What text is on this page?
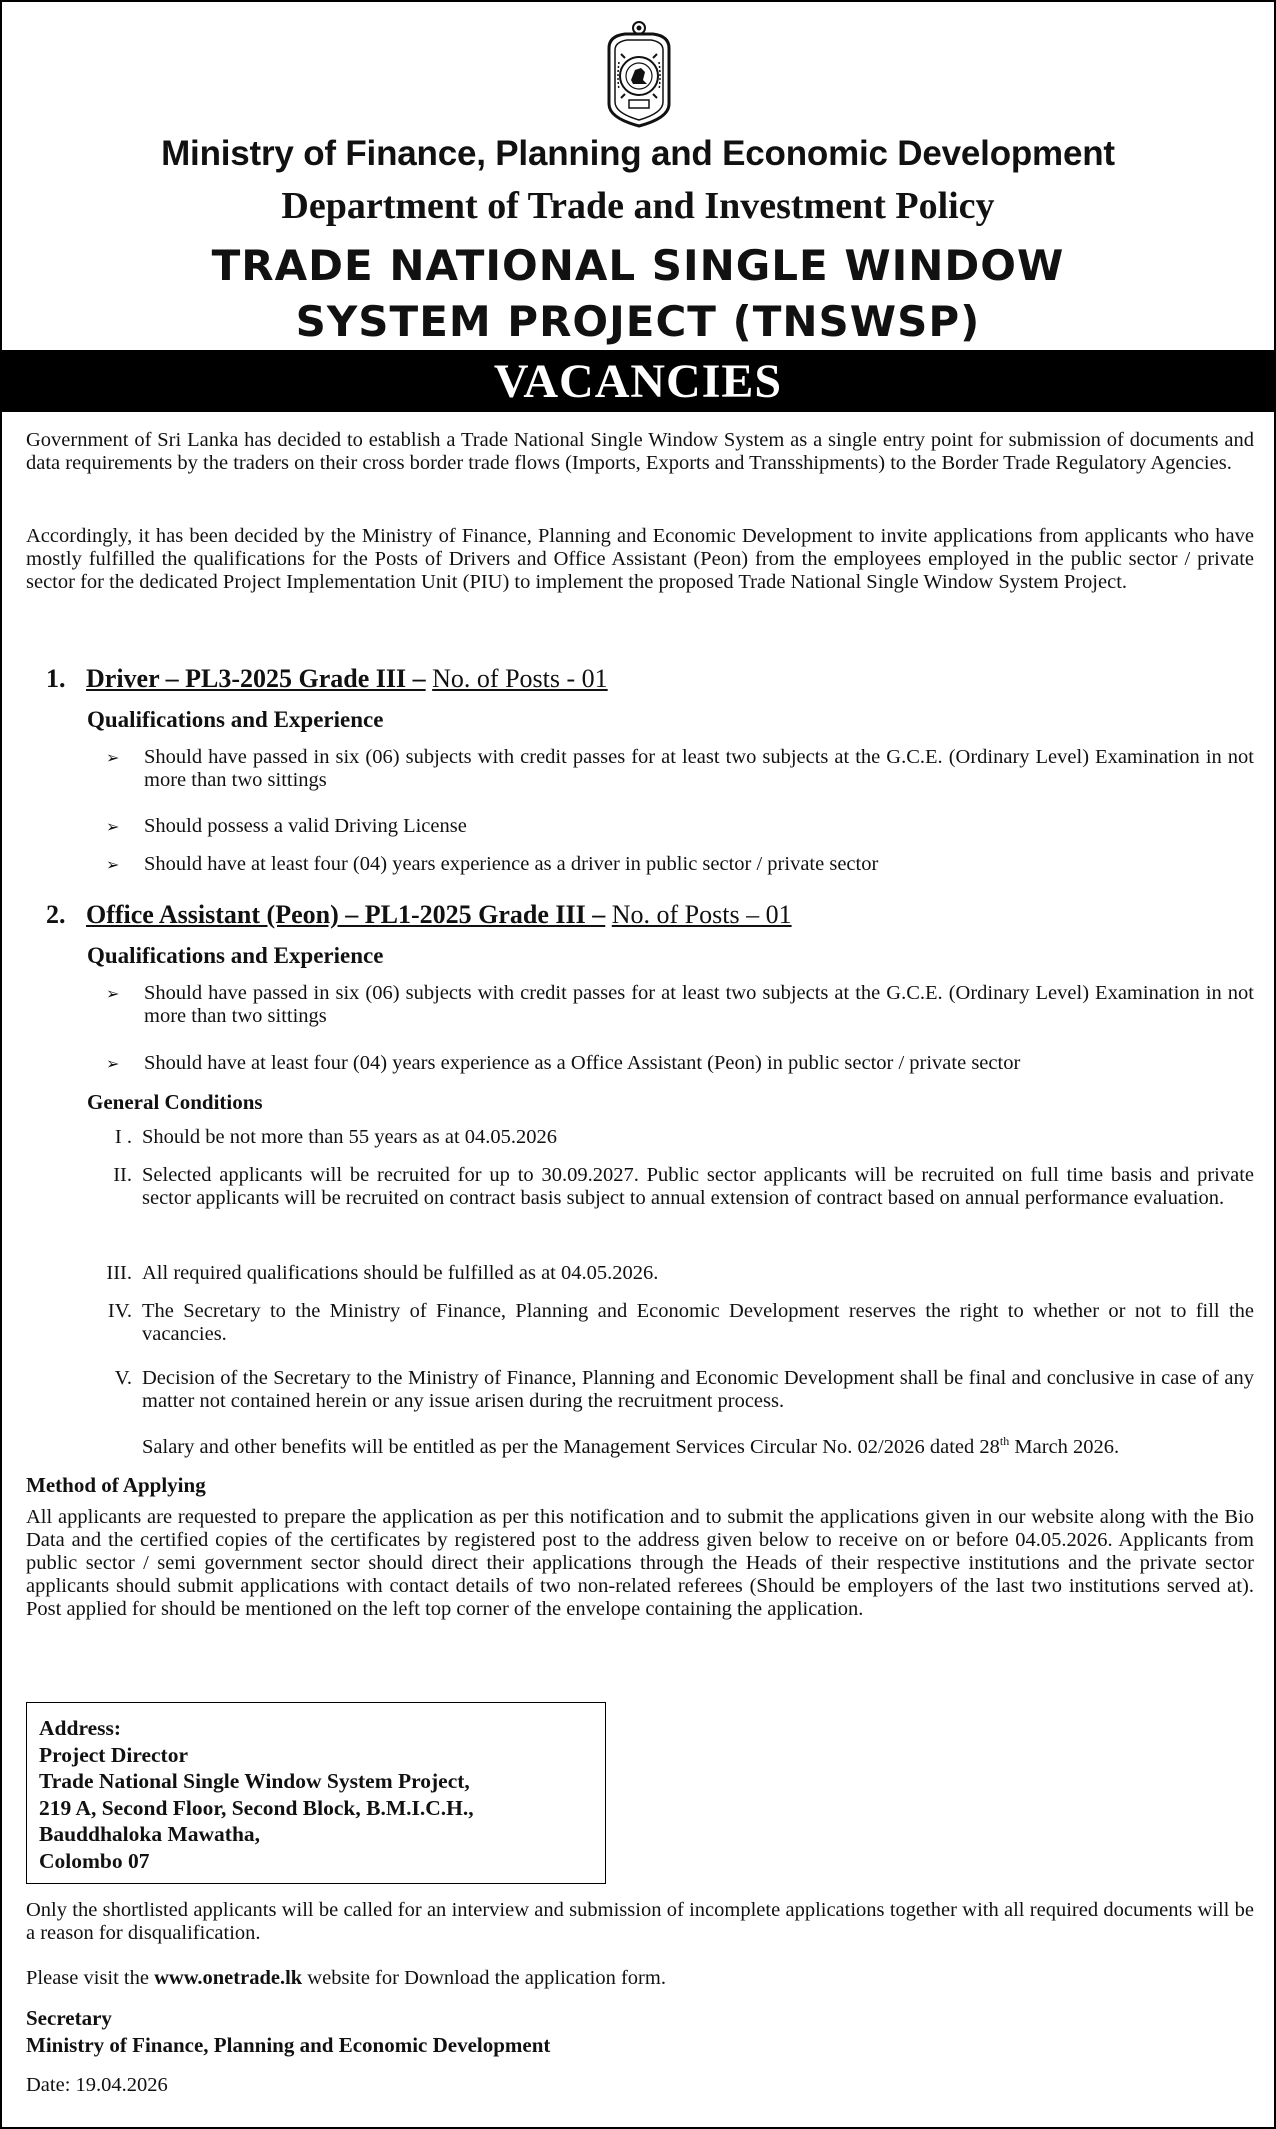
Ministry of Finance, Planning and Economic Development
Department of Trade and Investment Policy
TRADE NATIONAL SINGLE WINDOW
SYSTEM PROJECT (TNSWSP)
VACANCIES

Government of Sri Lanka has decided to establish a Trade National Single Window System as a single entry point for submission of documents and data requirements by the traders on their cross border trade flows (Imports, Exports and Transshipments) to the Border Trade Regulatory Agencies.

Accordingly, it has been decided by the Ministry of Finance, Planning and Economic Development to invite applications from applicants who have mostly fulfilled the qualifications for the Posts of Drivers and Office Assistant (Peon) from the employees employed in the public sector / private sector for the dedicated Project Implementation Unit (PIU) to implement the proposed Trade National Single Window System Project.

1. Driver – PL3-2025 Grade III – No. of Posts - 01
Qualifications and Experience
➢ Should have passed in six (06) subjects with credit passes for at least two subjects at the G.C.E. (Ordinary Level) Examination in not more than two sittings
➢ Should possess a valid Driving License
➢ Should have at least four (04) years experience as a driver in public sector / private sector
2. Office Assistant (Peon) – PL1-2025 Grade III – No. of Posts – 01
Qualifications and Experience
➢ Should have passed in six (06) subjects with credit passes for at least two subjects at the G.C.E. (Ordinary Level) Examination in not more than two sittings
➢ Should have at least four (04) years experience as a Office Assistant (Peon) in public sector / private sector
General Conditions
I . Should be not more than 55 years as at 04.05.2026
II. Selected applicants will be recruited for up to 30.09.2027. Public sector applicants will be recruited on full time basis and private sector applicants will be recruited on contract basis subject to annual extension of contract based on annual performance evaluation.
III. All required qualifications should be fulfilled as at 04.05.2026.
IV. The Secretary to the Ministry of Finance, Planning and Economic Development reserves the right to whether or not to fill the vacancies.
V. Decision of the Secretary to the Ministry of Finance, Planning and Economic Development shall be final and conclusive in case of any matter not contained herein or any issue arisen during the recruitment process.
Salary and other benefits will be entitled as per the Management Services Circular No. 02/2026 dated 28th March 2026.
Method of Applying

All applicants are requested to prepare the application as per this notification and to submit the applications given in our website along with the Bio Data and the certified copies of the certificates by registered post to the address given below to receive on or before 04.05.2026. Applicants from public sector / semi government sector should direct their applications through the Heads of their respective institutions and the private sector applicants should submit applications with contact details of two non-related referees (Should be employers of the last two institutions served at). Post applied for should be mentioned on the left top corner of the envelope containing the application.

Address:
Project Director
Trade National Single Window System Project,
219 A, Second Floor, Second Block, B.M.I.C.H.,
Bauddhaloka Mawatha,
Colombo 07

Only the shortlisted applicants will be called for an interview and submission of incomplete applications together with all required documents will be a reason for disqualification.

Please visit the www.onetrade.lk website for Download the application form.

Secretary
Ministry of Finance, Planning and Economic Development
Date: 19.04.2026
